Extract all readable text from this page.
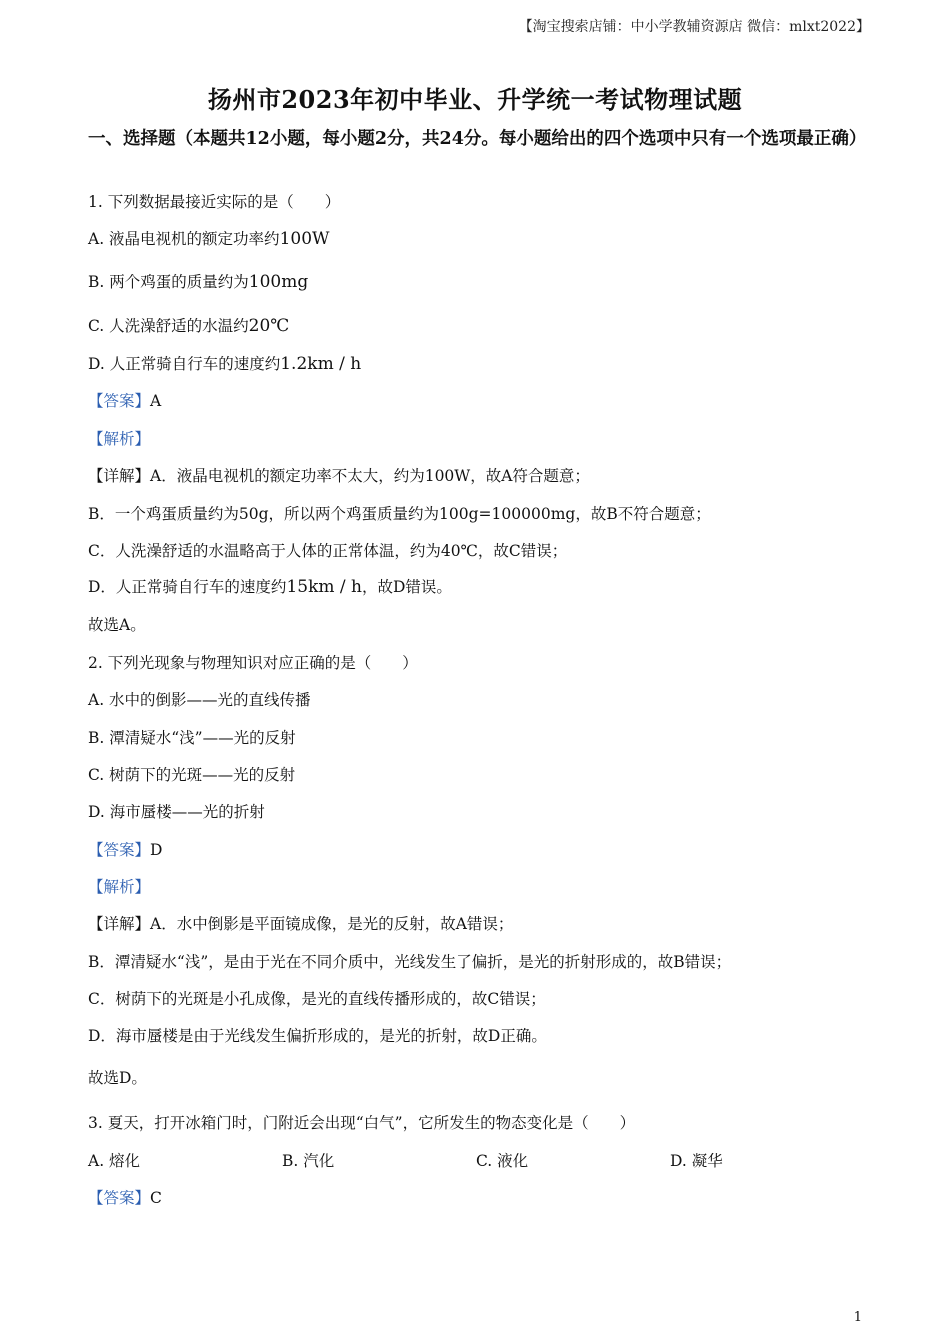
【淘宝搜索店铺：中小学教辅资源店 微信：mlxt2022】
扬州市2023年初中毕业、升学统一考试物理试题
一、选择题（本题共12小题，每小题2分，共24分。每小题给出的四个选项中只有一个选项最正确）
1. 下列数据最接近实际的是（　　）
A. 液晶电视机的额定功率约100W
B. 两个鸡蛋的质量约为100mg
C. 人洗澡舒适的水温约20℃
D. 人正常骑自行车的速度约1.2km / h
【答案】A
【解析】
【详解】A．液晶电视机的额定功率不太大，约为100W，故A符合题意；
B．一个鸡蛋质量约为50g，所以两个鸡蛋质量约为100g=100000mg，故B不符合题意；
C．人洗澡舒适的水温略高于人体的正常体温，约为40℃，故C错误；
D．人正常骑自行车的速度约15km / h，故D错误。
故选A。
2. 下列光现象与物理知识对应正确的是（　　）
A. 水中的倒影——光的直线传播
B. 潭清疑水“浅”——光的反射
C. 树荫下的光斑——光的反射
D. 海市蜃楼——光的折射
【答案】D
【解析】
【详解】A．水中倒影是平面镜成像，是光的反射，故A错误；
B．潭清疑水“浅”，是由于光在不同介质中，光线发生了偏折，是光的折射形成的，故B错误；
C．树荫下的光斑是小孔成像，是光的直线传播形成的，故C错误；
D．海市蜃楼是由于光线发生偏折形成的，是光的折射，故D正确。
故选D。
3. 夏天，打开冰箱门时，门附近会出现“白气”，它所发生的物态变化是（　　）
A. 熔化	B. 汽化	C. 液化	D. 凝华
【答案】C
1
